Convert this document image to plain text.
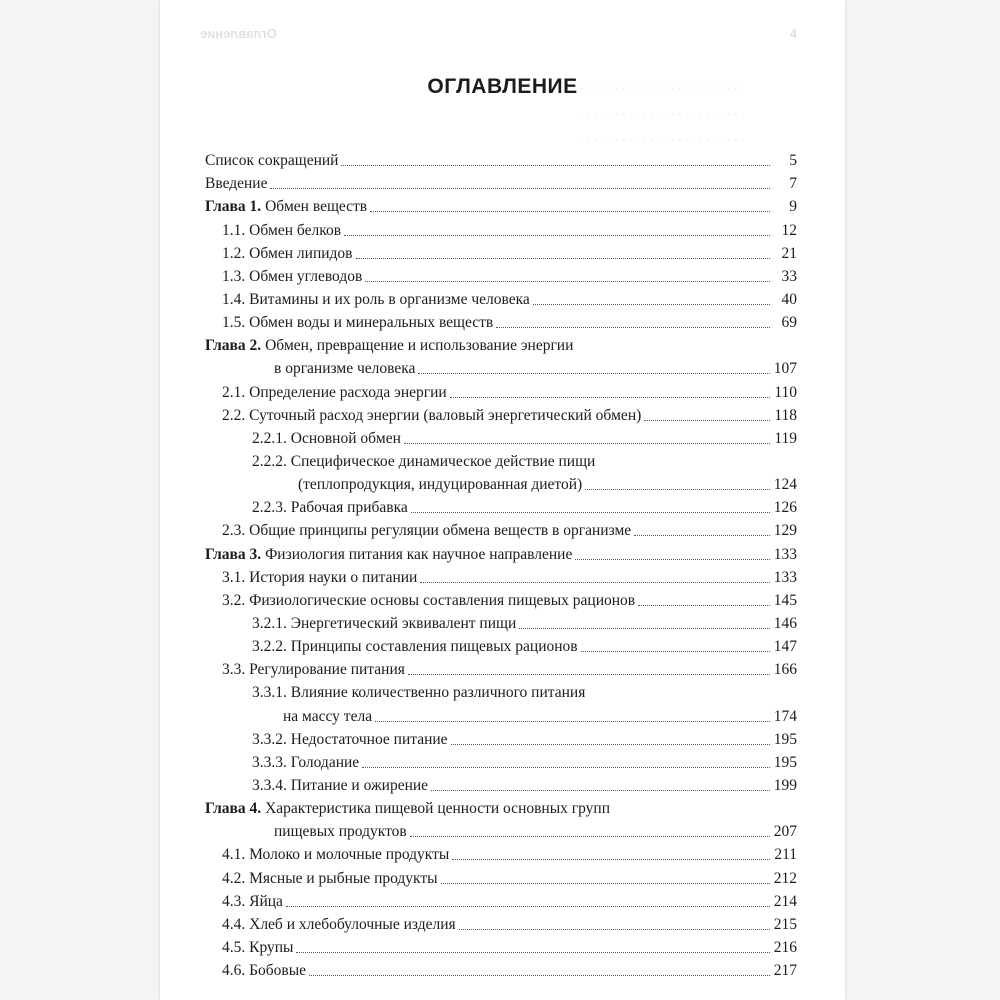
Оглавление	4
ОГЛАВЛЕНИЕ
Список сокращений	5
Введение	7
Глава 1.
Обмен веществ	9
1.1. Обмен белков	12
1.2. Обмен липидов	21
1.3. Обмен углеводов	33
1.4. Витамины и их роль в организме человека	40
1.5. Обмен воды и минеральных веществ	69
Глава 2.
Обмен, превращение и использование энергии
в организме человека	107
2.1. Определение расхода энергии	110
2.2. Суточный расход энергии (валовый энергетический обмен)	118
2.2.1. Основной обмен	119
2.2.2. Специфическое динамическое действие пищи
(теплопродукция, индуцированная диетой)	124
2.2.3. Рабочая прибавка	126
2.3. Общие принципы регуляции обмена веществ в организме	129
Глава 3.
Физиология питания как научное направление	133
3.1. История науки о питании	133
3.2. Физиологические основы составления пищевых рационов	145
3.2.1. Энергетический эквивалент пищи	146
3.2.2. Принципы составления пищевых рационов	147
3.3. Регулирование питания	166
3.3.1. Влияние количественно различного питания
на массу тела	174
3.3.2. Недостаточное питание	195
3.3.3. Голодание	195
3.3.4. Питание и ожирение	199
Глава 4.
Характеристика пищевой ценности основных групп
пищевых продуктов	207
4.1. Молоко и молочные продукты	211
4.2. Мясные и рыбные продукты	212
4.3. Яйца	214
4.4. Хлеб и хлебобулочные изделия	215
4.5. Крупы	216
4.6. Бобовые	217
